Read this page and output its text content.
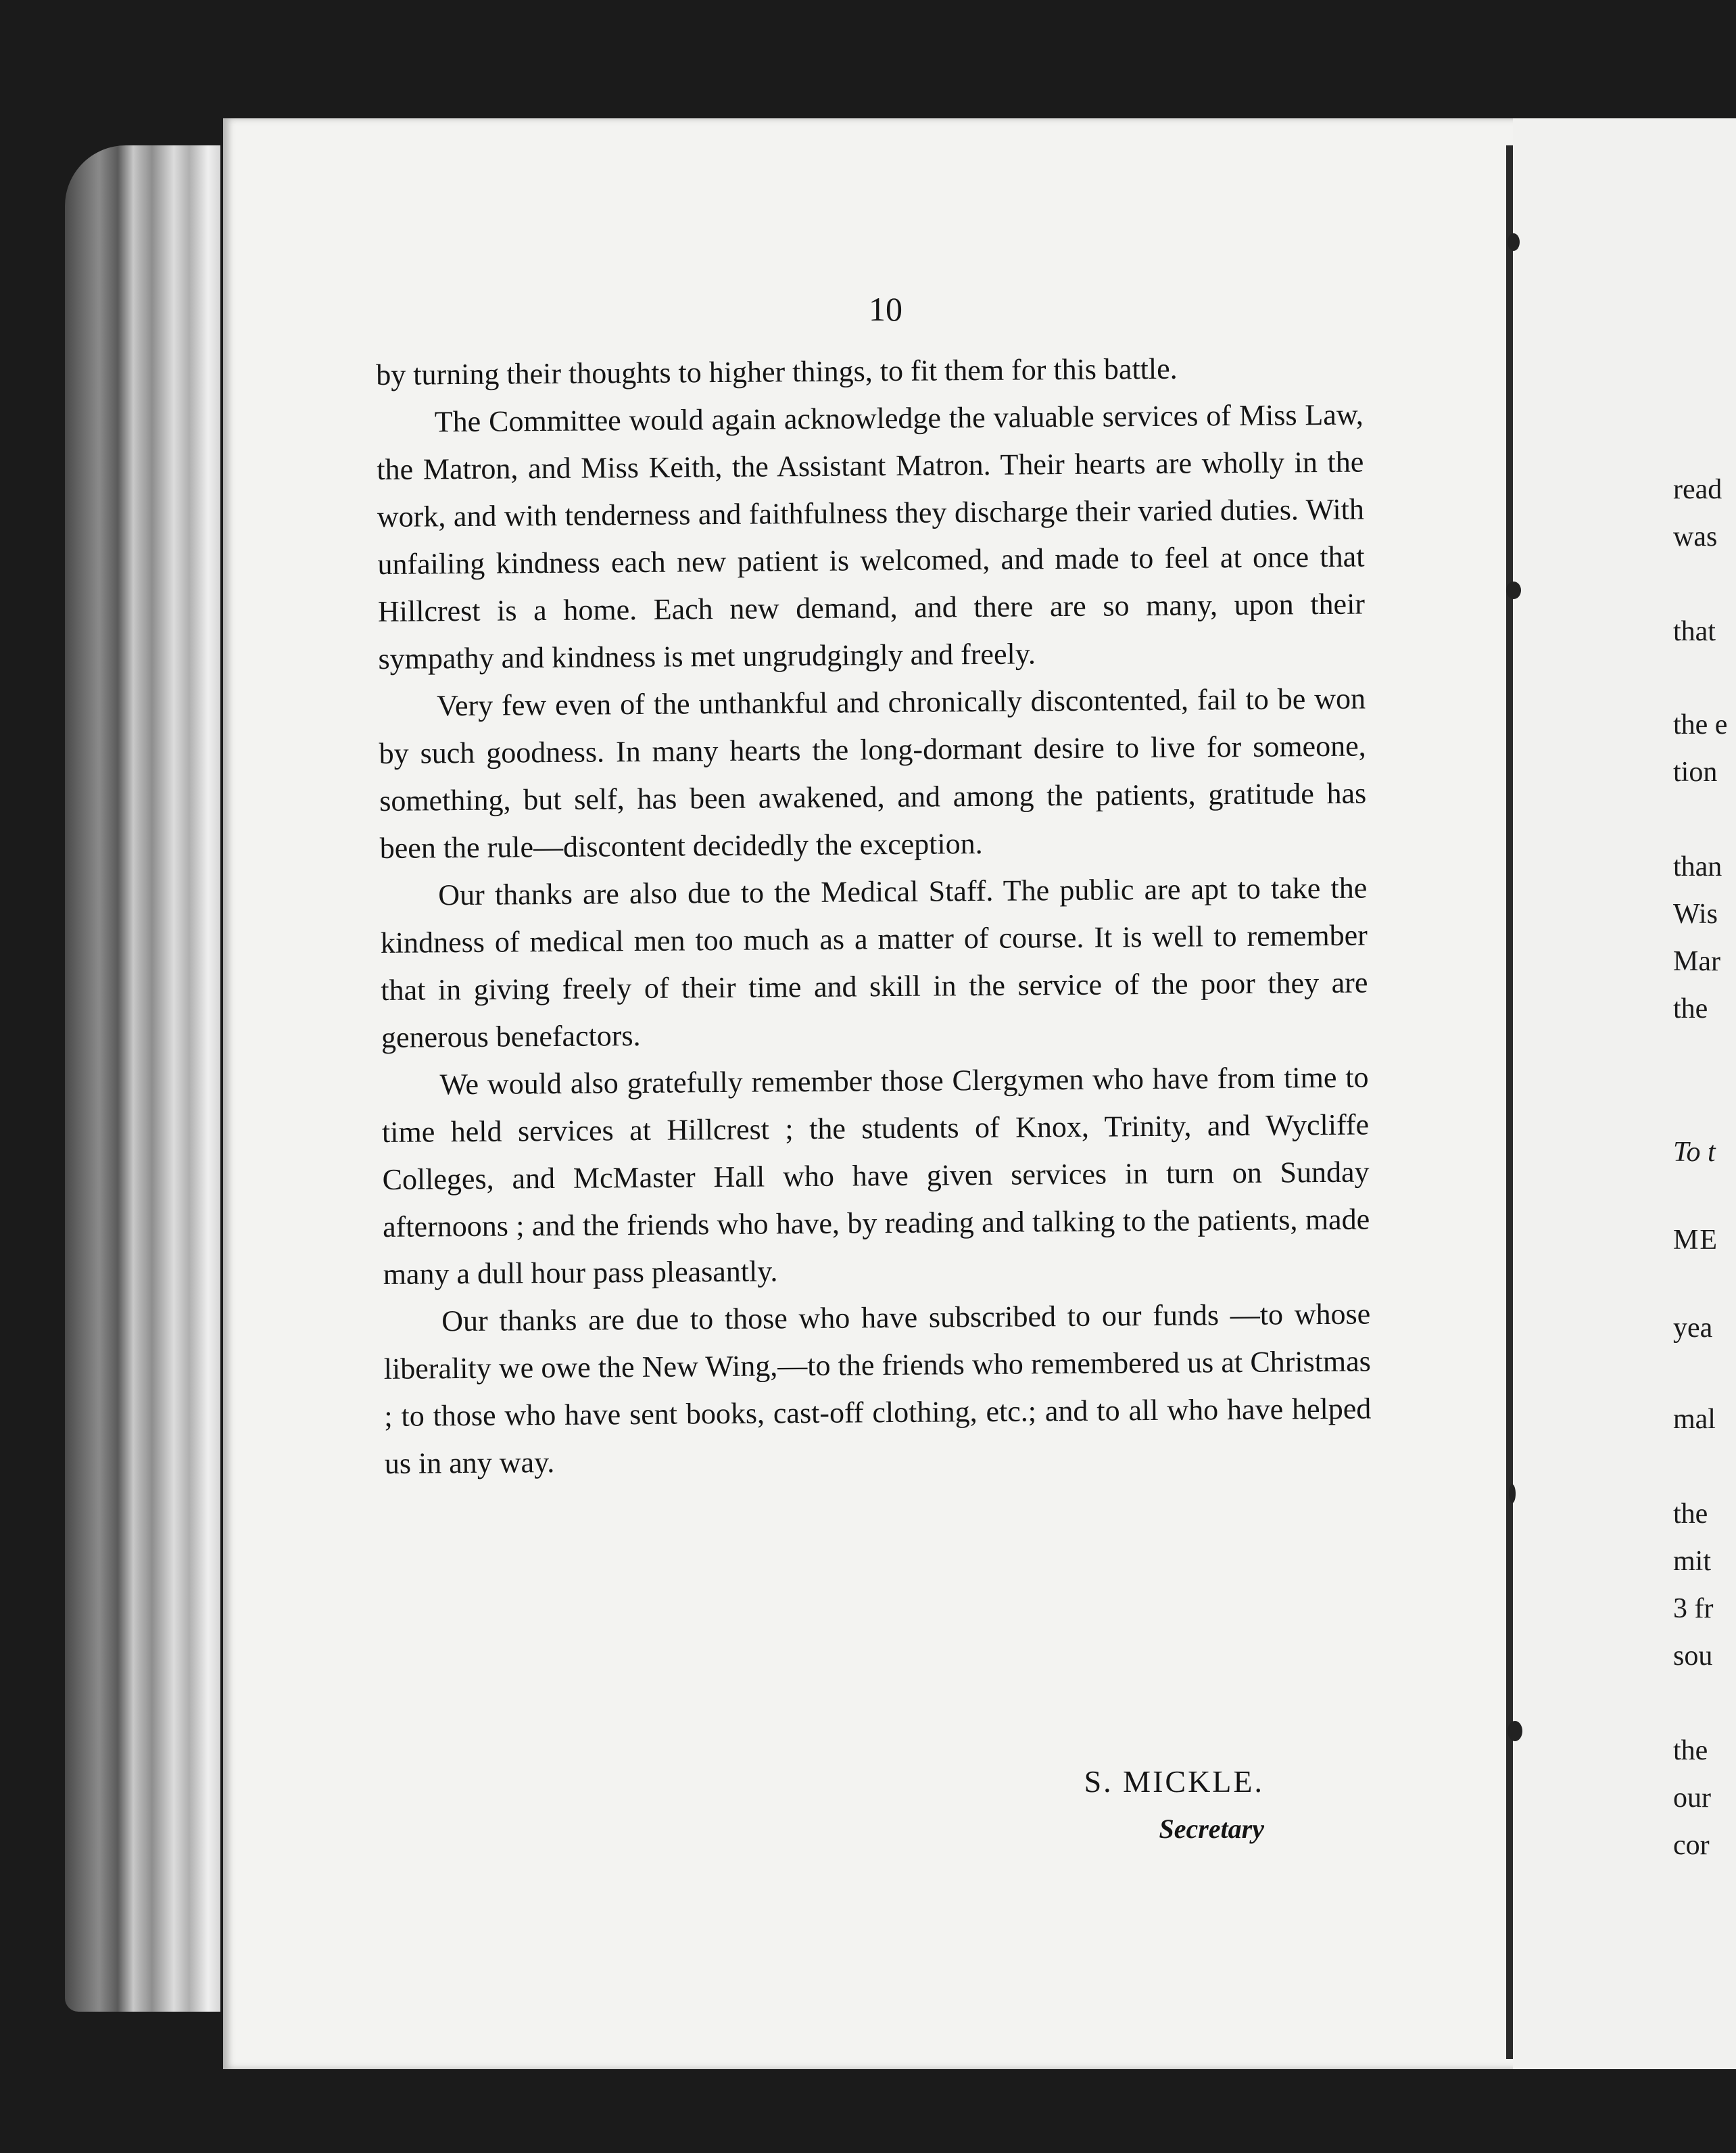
10

by turning their thoughts to higher things, to fit them for this battle.

The Committee would again acknowledge the valuable services of Miss Law, the Matron, and Miss Keith, the Assistant Matron. Their hearts are wholly in the work, and with tenderness and faithfulness they discharge their varied duties. With unfailing kindness each new patient is welcomed, and made to feel at once that Hillcrest is a home. Each new demand, and there are so many, upon their sympathy and kindness is met ungrudgingly and freely.

Very few even of the unthankful and chronically discontented, fail to be won by such goodness. In many hearts the long-dormant desire to live for someone, something, but self, has been awakened, and among the patients, gratitude has been the rule—discontent decidedly the exception.

Our thanks are also due to the Medical Staff. The public are apt to take the kindness of medical men too much as a matter of course. It is well to remember that in giving freely of their time and skill in the service of the poor they are generous benefactors.

We would also gratefully remember those Clergymen who have from time to time held services at Hillcrest ; the students of Knox, Trinity, and Wycliffe Colleges, and McMaster Hall who have given services in turn on Sunday afternoons ; and the friends who have, by reading and talking to the patients, made many a dull hour pass pleasantly.

Our thanks are due to those who have subscribed to our funds —to whose liberality we owe the New Wing,—to the friends who remembered us at Christmas ; to those who have sent books, cast-off clothing, etc.; and to all who have helped us in any way.

S. MICKLE.
Secretary
read
was
that
the e
tion
than
Wis
Mar
the
To t
ME
yea
mal
the
mit
3 fr
sou
the
our
cor
